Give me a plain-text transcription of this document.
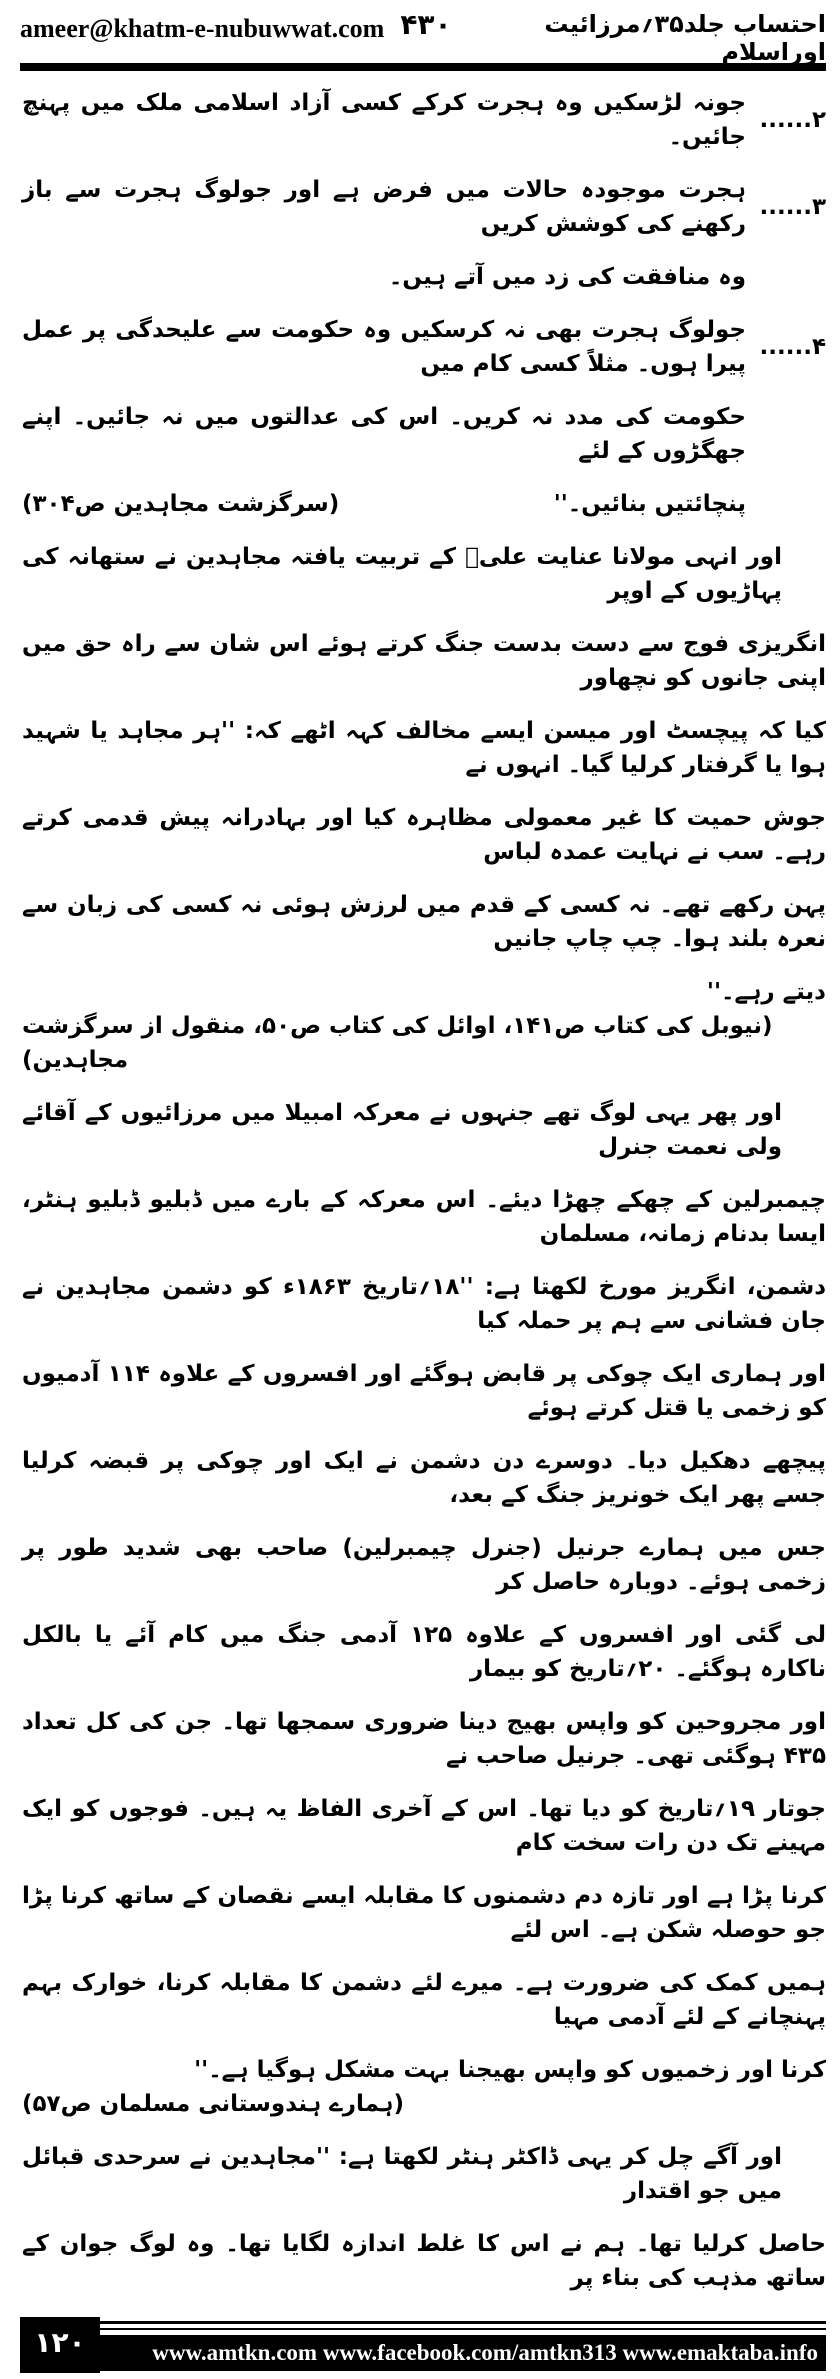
ameer@khatm-e-nubuwwat.com ۴۳۰	احتساب جلد۳۵؍مرزائیت اوراسلام
۲......
جونہ لڑسکیں وہ ہجرت کرکے کسی آزاد اسلامی ملک میں پہنچ جائیں۔
۳......
ہجرت موجودہ حالات میں فرض ہے اور جولوگ ہجرت سے باز رکھنے کی کوشش کریں
وہ منافقت کی زد میں آتے ہیں۔
۴......
جولوگ ہجرت بھی نہ کرسکیں وہ حکومت سے علیحدگی پر عمل پیرا ہوں۔ مثلاً کسی کام میں
حکومت کی مدد نہ کریں۔ اس کی عدالتوں میں نہ جائیں۔ اپنے جھگڑوں کے لئے
پنچائتیں بنائیں۔''
(سرگزشت مجاہدین ص۳۰۴)
اور انہی مولانا عنایت علیؒ کے تربیت یافتہ مجاہدین نے ستھانہ کی پہاڑیوں کے اوپر
انگریزی فوج سے دست بدست جنگ کرتے ہوئے اس شان سے راہ حق میں اپنی جانوں کو نچھاور
کیا کہ پیچسٹ اور میسن ایسے مخالف کہہ اٹھے کہ: ''ہر مجاہد یا شہید ہوا یا گرفتار کرلیا گیا۔ انہوں نے
جوش حمیت کا غیر معمولی مظاہرہ کیا اور بہادرانہ پیش قدمی کرتے رہے۔ سب نے نہایت عمدہ لباس
پہن رکھے تھے۔ نہ کسی کے قدم میں لرزش ہوئی نہ کسی کی زبان سے نعرہ بلند ہوا۔ چپ چاپ جانیں
دیتے رہے۔''
(نیوبل کی کتاب ص۱۴۱، اوائل کی کتاب ص۵۰، منقول از سرگزشت مجاہدین)
اور پھر یہی لوگ تھے جنہوں نے معرکہ امبیلا میں مرزائیوں کے آقائے ولی نعمت جنرل
چیمبرلین کے چھکے چھڑا دیئے۔ اس معرکہ کے بارے میں ڈبلیو ڈبلیو ہنٹر، ایسا بدنام زمانہ، مسلمان
دشمن، انگریز مورخ لکھتا ہے: ''۱۸؍تاریخ ۱۸۶۳ء کو دشمن مجاہدین نے جان فشانی سے ہم پر حملہ کیا
اور ہماری ایک چوکی پر قابض ہوگئے اور افسروں کے علاوہ ۱۱۴ آدمیوں کو زخمی یا قتل کرتے ہوئے
پیچھے دھکیل دیا۔ دوسرے دن دشمن نے ایک اور چوکی پر قبضہ کرلیا جسے پھر ایک خونریز جنگ کے بعد،
جس میں ہمارے جرنیل (جنرل چیمبرلین) صاحب بھی شدید طور پر زخمی ہوئے۔ دوبارہ حاصل کر
لی گئی اور افسروں کے علاوہ ۱۲۵ آدمی جنگ میں کام آئے یا بالکل ناکارہ ہوگئے۔ ۲۰؍تاریخ کو بیمار
اور مجروحین کو واپس بھیج دینا ضروری سمجھا تھا۔ جن کی کل تعداد ۴۳۵ ہوگئی تھی۔ جرنیل صاحب نے
جوتار ۱۹؍تاریخ کو دیا تھا۔ اس کے آخری الفاظ یہ ہیں۔ فوجوں کو ایک مہینے تک دن رات سخت کام
کرنا پڑا ہے اور تازہ دم دشمنوں کا مقابلہ ایسے نقصان کے ساتھ کرنا پڑا جو حوصلہ شکن ہے۔ اس لئے
ہمیں کمک کی ضرورت ہے۔ میرے لئے دشمن کا مقابلہ کرنا، خوارک بہم پہنچانے کے لئے آدمی مہیا
کرنا اور زخمیوں کو واپس بھیجنا بہت مشکل ہوگیا ہے۔''
(ہمارے ہندوستانی مسلمان ص۵۷)
اور آگے چل کر یہی ڈاکٹر ہنٹر لکھتا ہے: ''مجاہدین نے سرحدی قبائل میں جو اقتدار
حاصل کرلیا تھا۔ ہم نے اس کا غلط اندازہ لگایا تھا۔ وہ لوگ جوان کے ساتھ مذہب کی بناء پر
۱۲۰	www.amtkn.com www.facebook.com/amtkn313 www.emaktaba.info
